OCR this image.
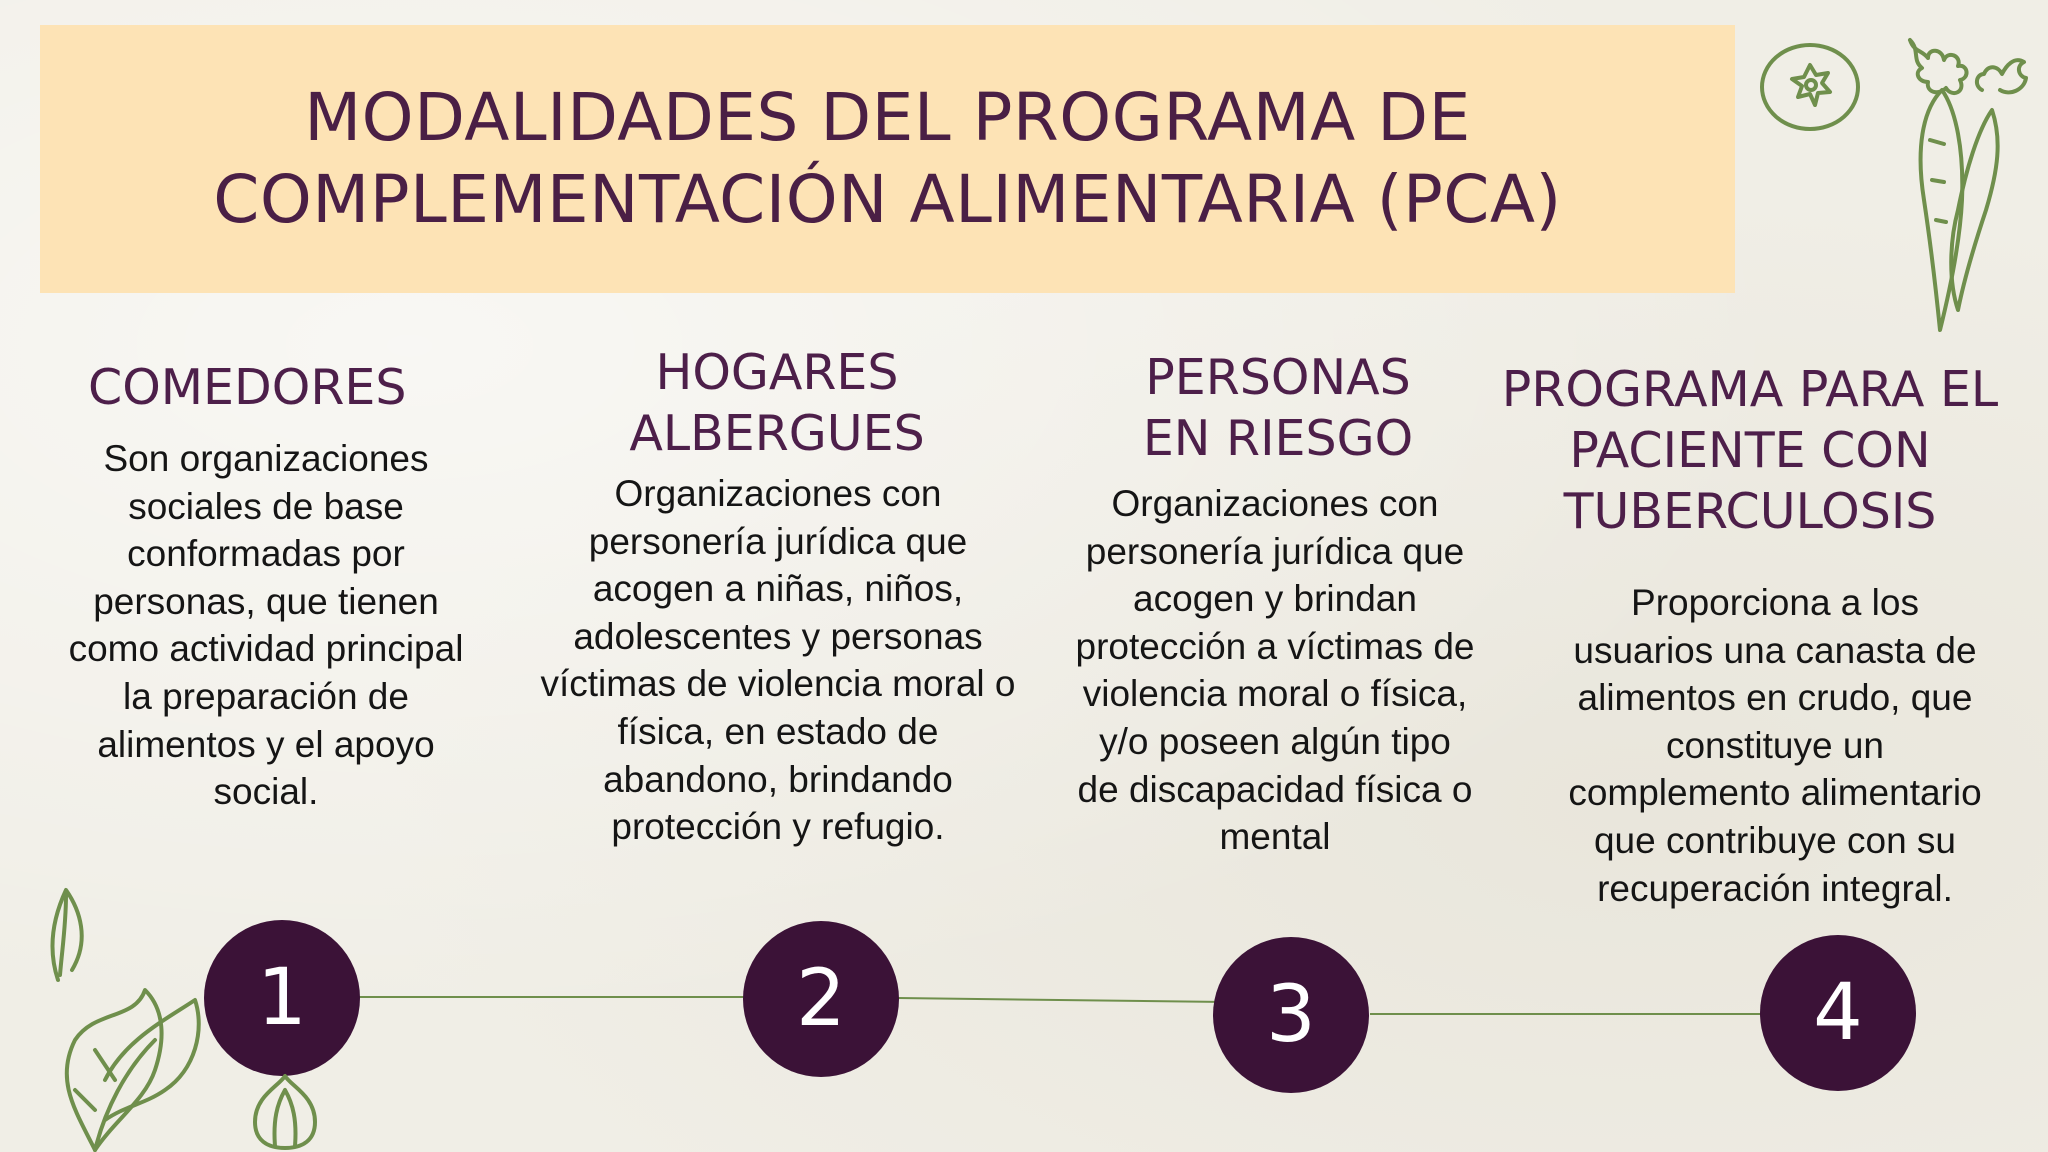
MODALIDADES DEL PROGRAMA DE
COMPLEMENTACIÓN ALIMENTARIA (PCA)
COMEDORES
Son organizaciones
sociales de base
conformadas por
personas, que tienen
como actividad principal
la preparación de
alimentos y el apoyo
social.
HOGARES
ALBERGUES
Organizaciones con
personería jurídica que
acogen a niñas, niños,
adolescentes y personas
víctimas de violencia moral o
física, en estado de
abandono, brindando
protección y refugio.
PERSONAS
EN RIESGO
Organizaciones con
personería jurídica que
acogen y brindan
protección a víctimas de
violencia moral o física,
y/o poseen algún tipo
de discapacidad física o
mental
PROGRAMA PARA EL
PACIENTE CON
TUBERCULOSIS
Proporciona a los
usuarios una canasta de
alimentos en crudo, que
constituye un
complemento alimentario
que contribuye con su
recuperación integral.
1	2	3	4
